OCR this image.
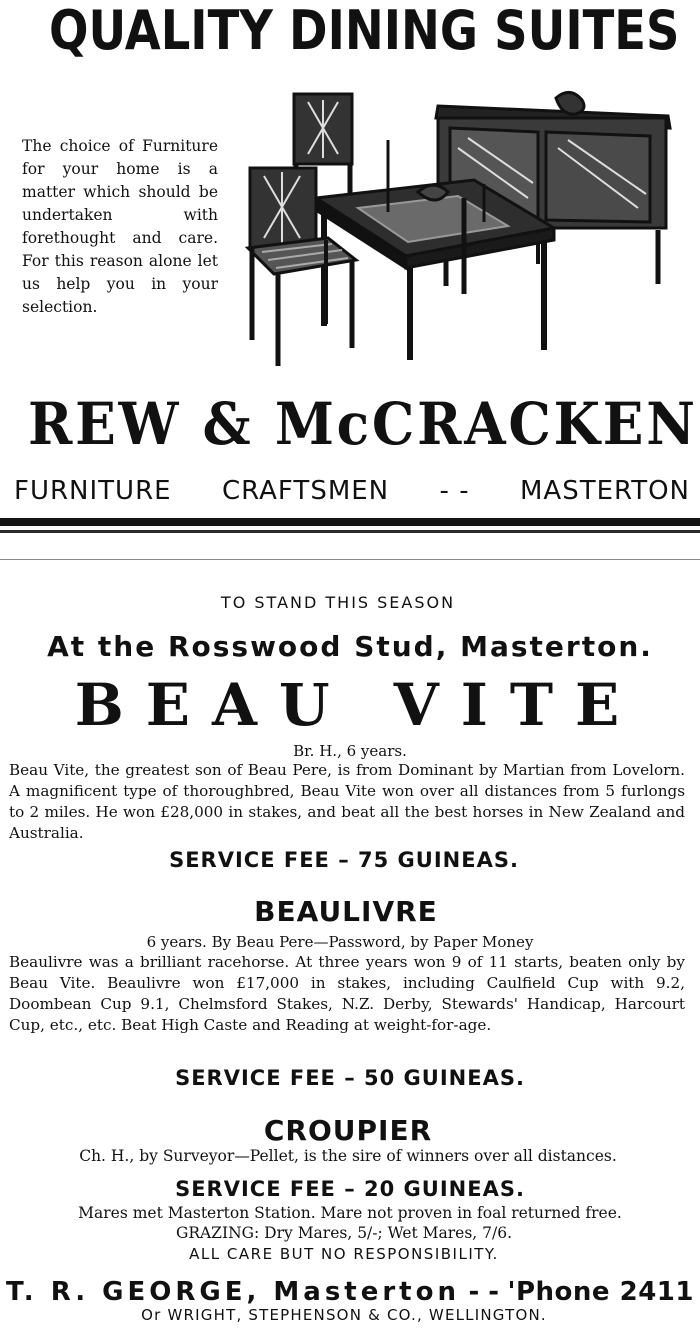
QUALITY DINING SUITES
The choice of Furniture for your home is a matter which should be undertaken with forethought and care. For this reason alone let us help you in your selection.
REW & McCRACKEN
FURNITURE CRAFTSMEN - - MASTERTON
TO STAND THIS SEASON
At the Rosswood Stud, Masterton.
BEAU VITE
Br. H., 6 years.
Beau Vite, the greatest son of Beau Pere, is from Dominant by Martian from Lovelorn. A magnificent type of thoroughbred, Beau Vite won over all distances from 5 furlongs to 2 miles. He won £28,000 in stakes, and beat all the best horses in New Zealand and Australia.
SERVICE FEE – 75 GUINEAS.
BEAULIVRE
6 years. By Beau Pere—Password, by Paper Money
Beaulivre was a brilliant racehorse. At three years won 9 of 11 starts, beaten only by Beau Vite. Beaulivre won £17,000 in stakes, including Caulfield Cup with 9.2, Doombean Cup 9.1, Chelmsford Stakes, N.Z. Derby, Stewards' Handicap, Harcourt Cup, etc., etc. Beat High Caste and Reading at weight-for-age.
SERVICE FEE – 50 GUINEAS.
CROUPIER
Ch. H., by Surveyor—Pellet, is the sire of winners over all distances.
SERVICE FEE – 20 GUINEAS.
Mares met Masterton Station. Mare not proven in foal returned free.
GRAZING: Dry Mares, 5/-; Wet Mares, 7/6.
ALL CARE BUT NO RESPONSIBILITY.
T. R. GEORGE, Masterton - - 'Phone 2411
Or WRIGHT, STEPHENSON & CO., WELLINGTON.
